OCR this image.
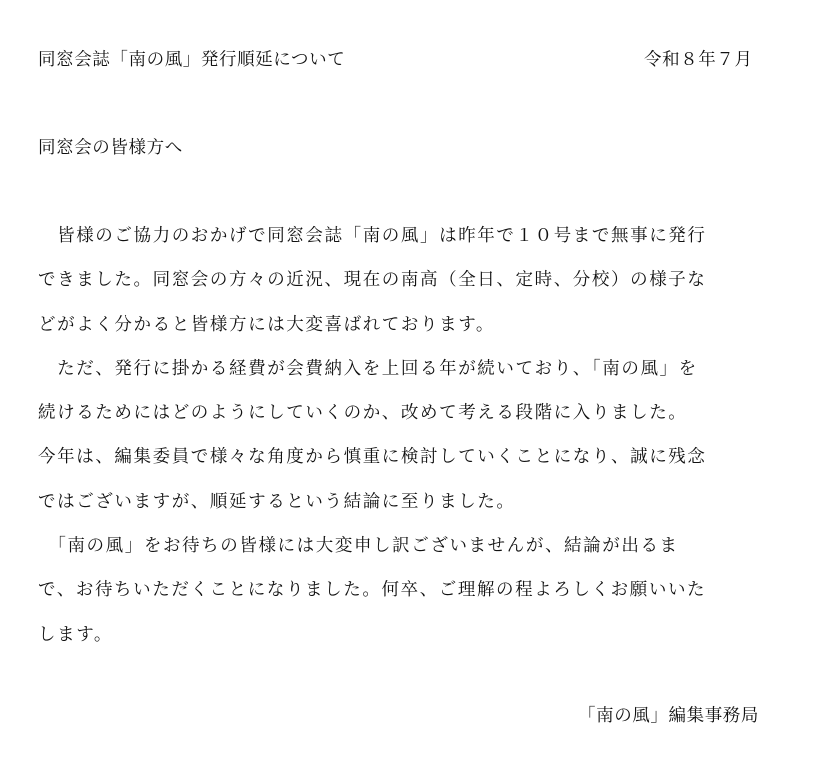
同窓会誌「南の風」発行順延について	令和８年７月
同窓会の皆様方へ
　皆様のご協力のおかげで同窓会誌「南の風」は昨年で１０号まで無事に発行
できました。同窓会の方々の近況、現在の南高（全日、定時、分校）の様子な
どがよく分かると皆様方には大変喜ばれております。
　ただ、発行に掛かる経費が会費納入を上回る年が続いており、「南の風」を
続けるためにはどのようにしていくのか、改めて考える段階に入りました。
今年は、編集委員で様々な角度から慎重に検討していくことになり、誠に残念
ではございますが、順延するという結論に至りました。
　「南の風」をお待ちの皆様には大変申し訳ございませんが、結論が出るま
で、お待ちいただくことになりました。何卒、ご理解の程よろしくお願いいた
します。
「南の風」編集事務局
